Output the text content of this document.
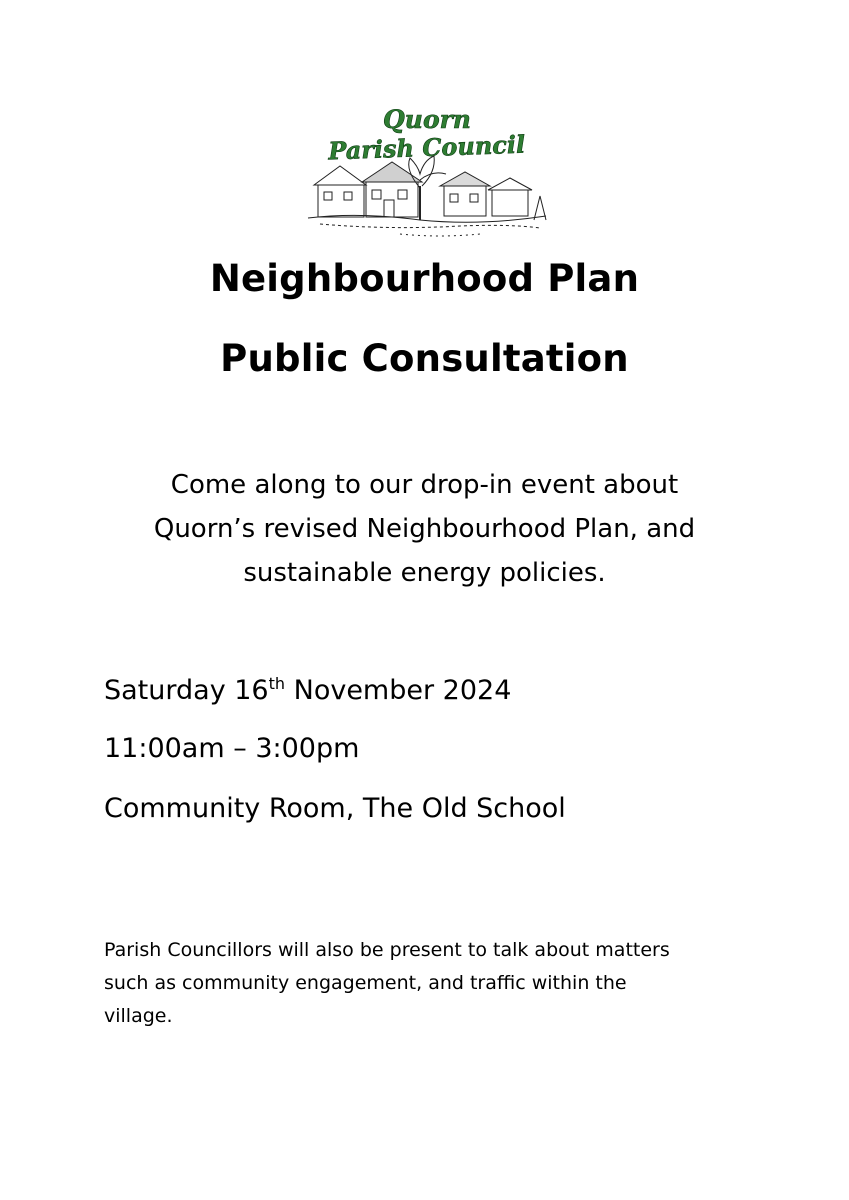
Quorn
Parish Council
Neighbourhood Plan
Public Consultation
Come along to our drop-in event about
Quorn’s revised Neighbourhood Plan, and
sustainable energy policies.
Saturday 16th November 2024
11:00am – 3:00pm
Community Room, The Old School
Parish Councillors will also be present to talk about matters
such as community engagement, and traffic within the
village.
